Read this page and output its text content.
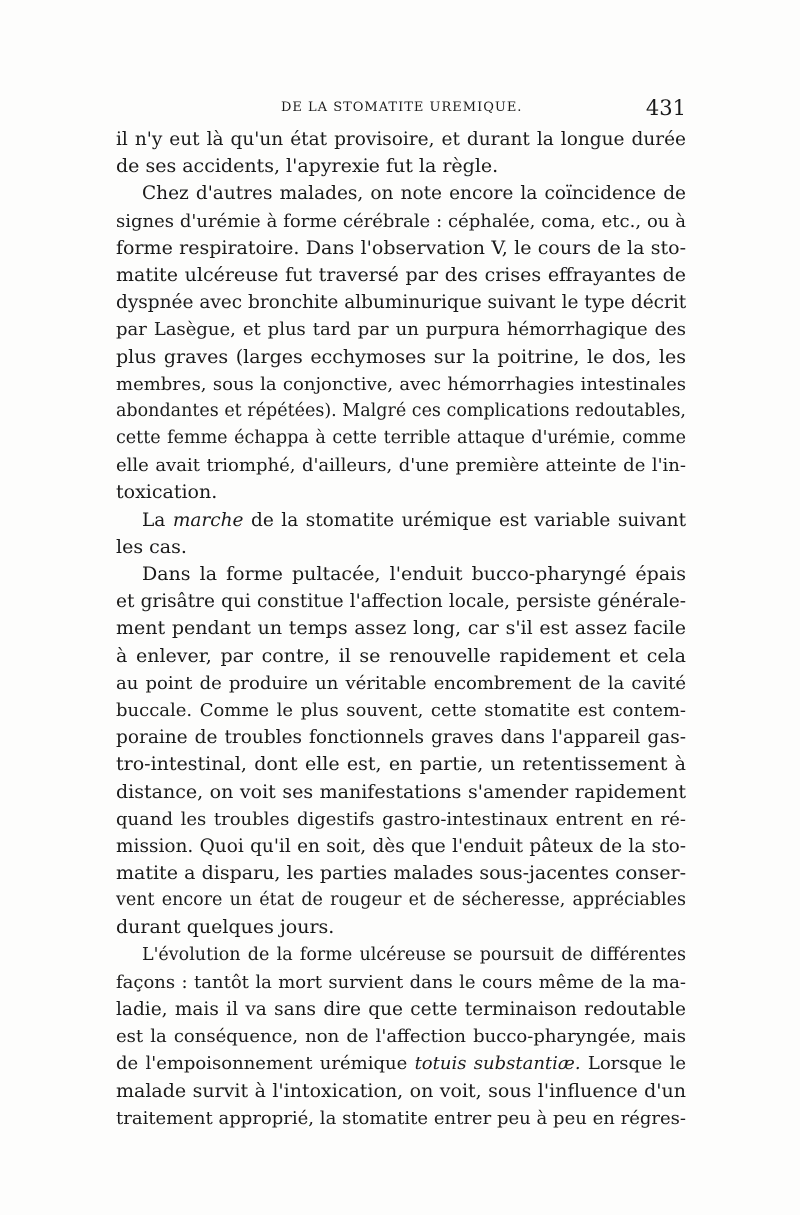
DE LA STOMATITE UREMIQUE.	431
il n'y eut là qu'un état provisoire, et durant la longue durée
de ses accidents, l'apyrexie fut la règle.
Chez d'autres malades, on note encore la coïncidence de
signes d'urémie à forme cérébrale : céphalée, coma, etc., ou à
forme respiratoire. Dans l'observation V, le cours de la sto-
matite ulcéreuse fut traversé par des crises effrayantes de
dyspnée avec bronchite albuminurique suivant le type décrit
par Lasègue, et plus tard par un purpura hémorrhagique des
plus graves (larges ecchymoses sur la poitrine, le dos, les
membres, sous la conjonctive, avec hémorrhagies intestinales
abondantes et répétées). Malgré ces complications redoutables,
cette femme échappa à cette terrible attaque d'urémie, comme
elle avait triomphé, d'ailleurs, d'une première atteinte de l'in-
toxication.
La marche de la stomatite urémique est variable suivant
les cas.
Dans la forme pultacée, l'enduit bucco-pharyngé épais
et grisâtre qui constitue l'affection locale, persiste générale-
ment pendant un temps assez long, car s'il est assez facile
à enlever, par contre, il se renouvelle rapidement et cela
au point de produire un véritable encombrement de la cavité
buccale. Comme le plus souvent, cette stomatite est contem-
poraine de troubles fonctionnels graves dans l'appareil gas-
tro-intestinal, dont elle est, en partie, un retentissement à
distance, on voit ses manifestations s'amender rapidement
quand les troubles digestifs gastro-intestinaux entrent en ré-
mission. Quoi qu'il en soit, dès que l'enduit pâteux de la sto-
matite a disparu, les parties malades sous-jacentes conser-
vent encore un état de rougeur et de sécheresse, appréciables
durant quelques jours.
L'évolution de la forme ulcéreuse se poursuit de différentes
façons : tantôt la mort survient dans le cours même de la ma-
ladie, mais il va sans dire que cette terminaison redoutable
est la conséquence, non de l'affection bucco-pharyngée, mais
de l'empoisonnement urémique totuis substantiæ. Lorsque le
malade survit à l'intoxication, on voit, sous l'influence d'un
traitement approprié, la stomatite entrer peu à peu en régres-
